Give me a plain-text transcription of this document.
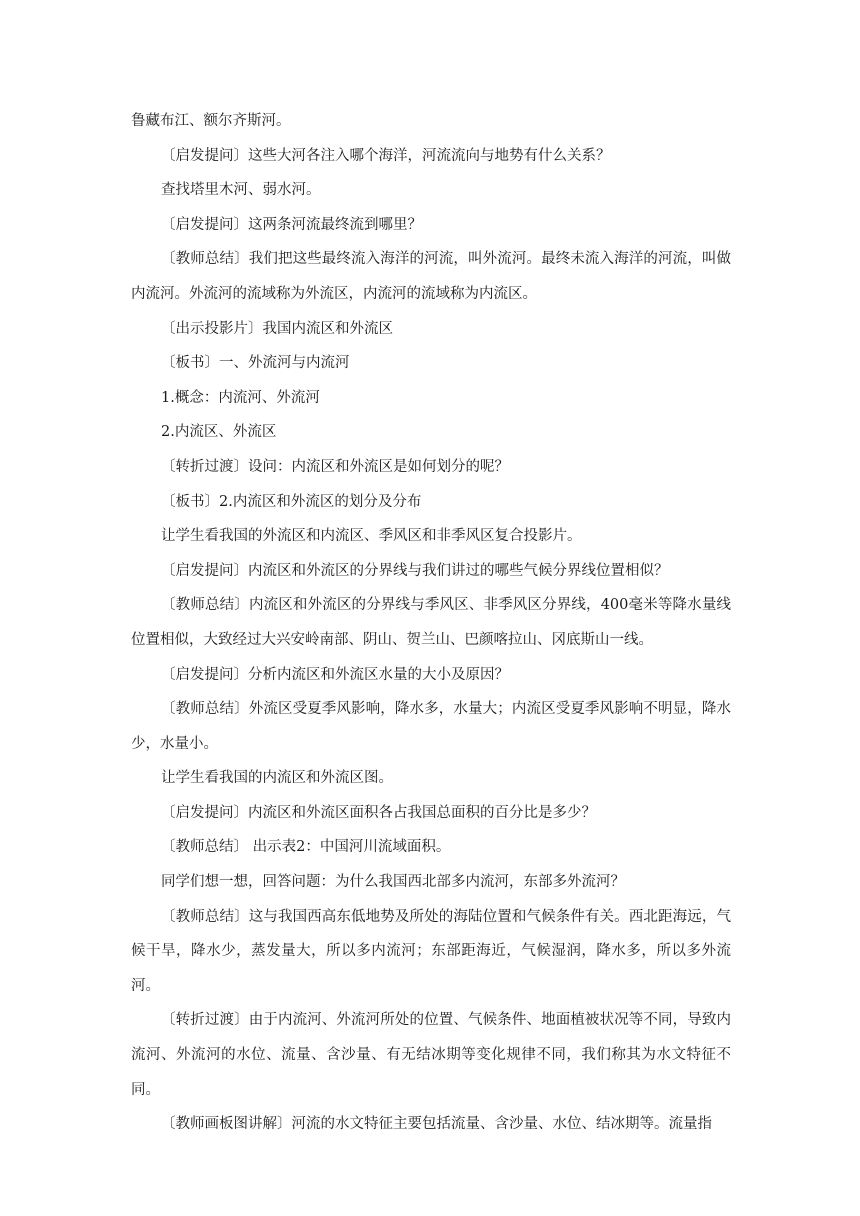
鲁藏布江、额尔齐斯河。

〔启发提问〕这些大河各注入哪个海洋，河流流向与地势有什么关系？

查找塔里木河、弱水河。

〔启发提问〕这两条河流最终流到哪里？

〔教师总结〕我们把这些最终流入海洋的河流，叫外流河。最终未流入海洋的河流，叫做内流河。外流河的流域称为外流区，内流河的流域称为内流区。

〔出示投影片〕我国内流区和外流区

〔板书〕一、外流河与内流河

1.概念：内流河、外流河

2.内流区、外流区

〔转折过渡〕设问：内流区和外流区是如何划分的呢？

〔板书〕2.内流区和外流区的划分及分布

让学生看我国的外流区和内流区、季风区和非季风区复合投影片。

〔启发提问〕内流区和外流区的分界线与我们讲过的哪些气候分界线位置相似？

〔教师总结〕内流区和外流区的分界线与季风区、非季风区分界线，400毫米等降水量线位置相似，大致经过大兴安岭南部、阴山、贺兰山、巴颜喀拉山、冈底斯山一线。

〔启发提问〕分析内流区和外流区水量的大小及原因？

〔教师总结〕外流区受夏季风影响，降水多，水量大；内流区受夏季风影响不明显，降水少，水量小。

让学生看我国的内流区和外流区图。

〔启发提问〕内流区和外流区面积各占我国总面积的百分比是多少？

〔教师总结〕 出示表2：中国河川流域面积。

同学们想一想，回答问题：为什么我国西北部多内流河，东部多外流河？

〔教师总结〕这与我国西高东低地势及所处的海陆位置和气候条件有关。西北距海远，气候干旱，降水少，蒸发量大，所以多内流河；东部距海近，气候湿润，降水多，所以多外流河。

〔转折过渡〕由于内流河、外流河所处的位置、气候条件、地面植被状况等不同，导致内流河、外流河的水位、流量、含沙量、有无结冰期等变化规律不同，我们称其为水文特征不同。

〔教师画板图讲解〕河流的水文特征主要包括流量、含沙量、水位、结冰期等。流量指
